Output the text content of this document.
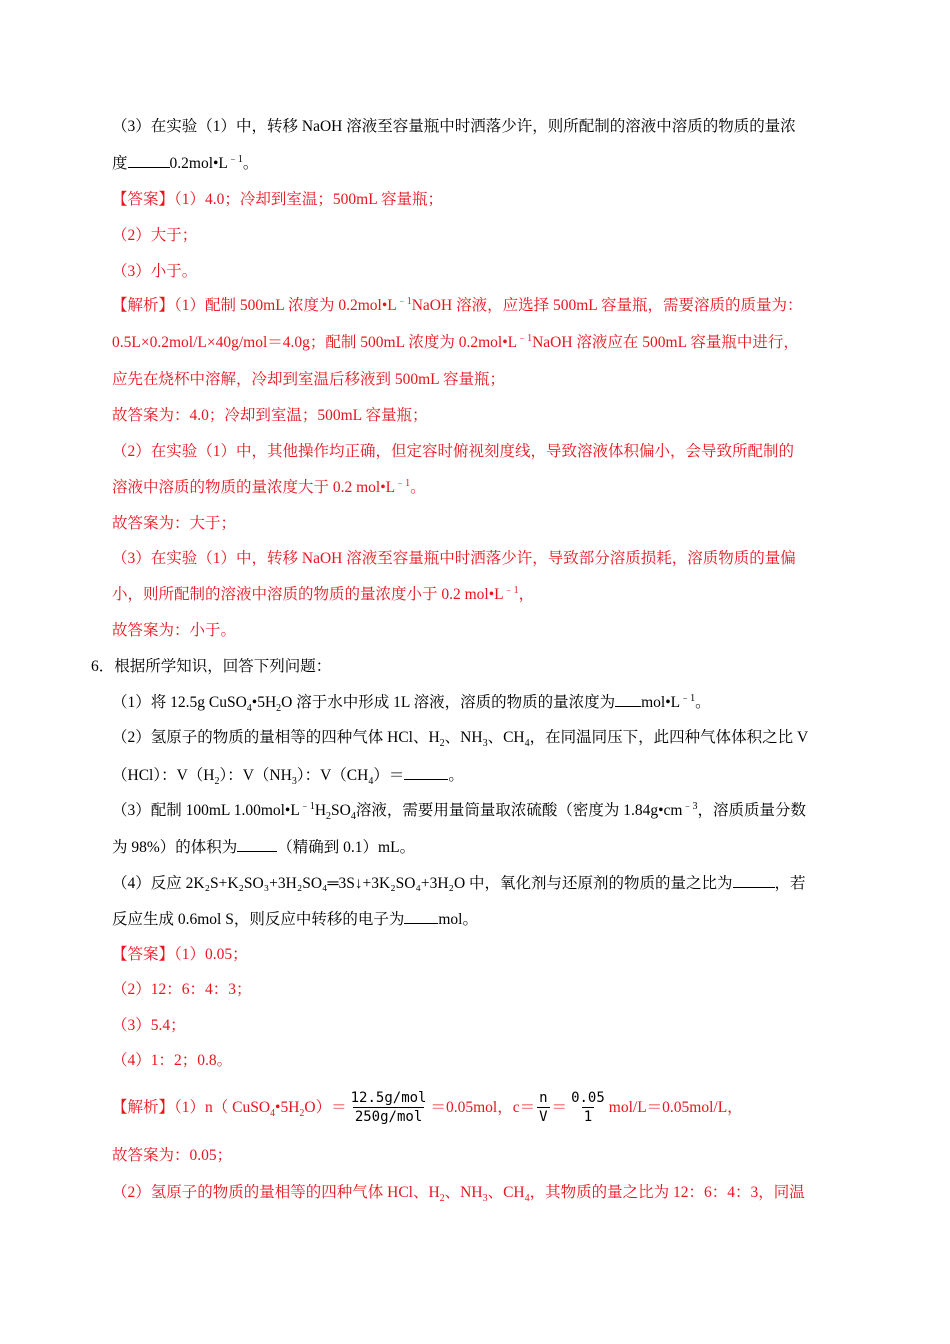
（3）在实验（1）中，转移 NaOH 溶液至容量瓶中时洒落少许，则所配制的溶液中溶质的物质的量浓
度	$0.2mol•L^{﹣1}$。
【答案】（1）4.0；冷却到室温；500mL 容量瓶；
（2）大于；
（3）小于。
【解析】（1）配制 500mL 浓度为 $0.2mol•L^{﹣1}NaOH$ 溶液，应选择 500mL 容量瓶，需要溶质的质量为：
0.5L×0.2mol/L×40g/mol＝4.0g；配制 500mL 浓度为 $0.2mol•L^{﹣1}NaOH$ 溶液应在 500mL 容量瓶中进行，
应先在烧杯中溶解，冷却到室温后移液到 500mL 容量瓶；
故答案为：4.0；冷却到室温；500mL 容量瓶；
（2）在实验（1）中，其他操作均正确，但定容时俯视刻度线，导致溶液体积偏小，会导致所配制的
溶液中溶质的物质的量浓度大于 0.2 $mol•L^{﹣1}$。
故答案为：大于；
（3）在实验（1）中，转移 NaOH 溶液至容量瓶中时洒落少许，导致部分溶质损耗，溶质物质的量偏
小，则所配制的溶液中溶质的物质的量浓度小于 0.2 $mol•L^{﹣1}$，
故答案为：小于。
6．根据所学知识，回答下列问题：
（1）将 12.5g $CuSO_4•5H_2O$ 溶于水中形成 1L 溶液，溶质的物质的量浓度为 $mol•L^{﹣1}$。
（2）氢原子的物质的量相等的四种气体 HCl、$H_2$、$NH_3$、$CH_4$，在同温同压下，此四种气体体积之比 V
（HCl）：$V(H_2)$：$V(NH_3)$：$V(CH_4)=$	。
（3）配制 100mL $1.00mol•L^{﹣1}H_2SO_4$溶液，需要用量筒量取浓硫酸（密度为 $1.84g•cm^{﹣3}$，溶质质量分数
为 98%）的体积为	（精确到 0.1）mL。
（4）反应 2K₂S+K₂SO₃+3H₂SO₄═3S↓+3K₂SO₄+3H₂O 中，氧化剂与还原剂的物质的量之比为	，若
反应生成 0.6mol S，则反应中转移的电子为 mol。
【答案】（1）0.05；
（2）12：6：4：3；
（3）5.4；
（4）1：2；0.8。
【解析】（1）n（ $CuSO_4•5H_2O)= \frac{\text{12.5g/mol}}{\text{250g/mol}} =0.05mol$，$c= \frac{n}{V} = \frac{0.05}{1} mol/L=0.05mol/L$，
故答案为：0.05；
（2）氢原子的物质的量相等的四种气体 HCl、$H_2$、$NH_3$、$CH_4$，其物质的量之比为 12：6：4：3，同温
